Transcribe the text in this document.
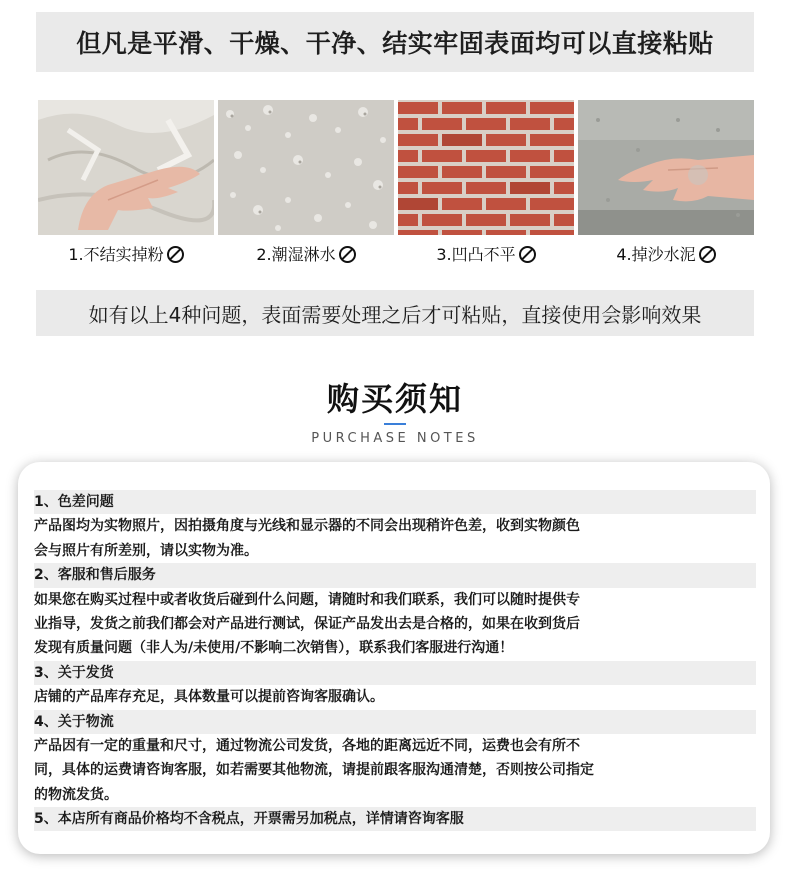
但凡是平滑、干燥、干净、结实牢固表面均可以直接粘贴
1.不结实掉粉	2.潮湿淋水	3.凹凸不平	4.掉沙水泥
如有以上4种问题，表面需要处理之后才可粘贴，直接使用会影响效果
购买须知
PURCHASE NOTES
1、色差问题
产品图均为实物照片，因拍摄角度与光线和显示器的不同会出现稍许色差，收到实物颜色
会与照片有所差别，请以实物为准。
2、客服和售后服务
如果您在购买过程中或者收货后碰到什么问题，请随时和我们联系，我们可以随时提供专
业指导，发货之前我们都会对产品进行测试，保证产品发出去是合格的，如果在收到货后
发现有质量问题（非人为/未使用/不影响二次销售），联系我们客服进行沟通！
3、关于发货
店铺的产品库存充足，具体数量可以提前咨询客服确认。
4、关于物流
产品因有一定的重量和尺寸，通过物流公司发货，各地的距离远近不同，运费也会有所不
同，具体的运费请咨询客服，如若需要其他物流，请提前跟客服沟通清楚，否则按公司指定
的物流发货。
5、本店所有商品价格均不含税点，开票需另加税点，详情请咨询客服
